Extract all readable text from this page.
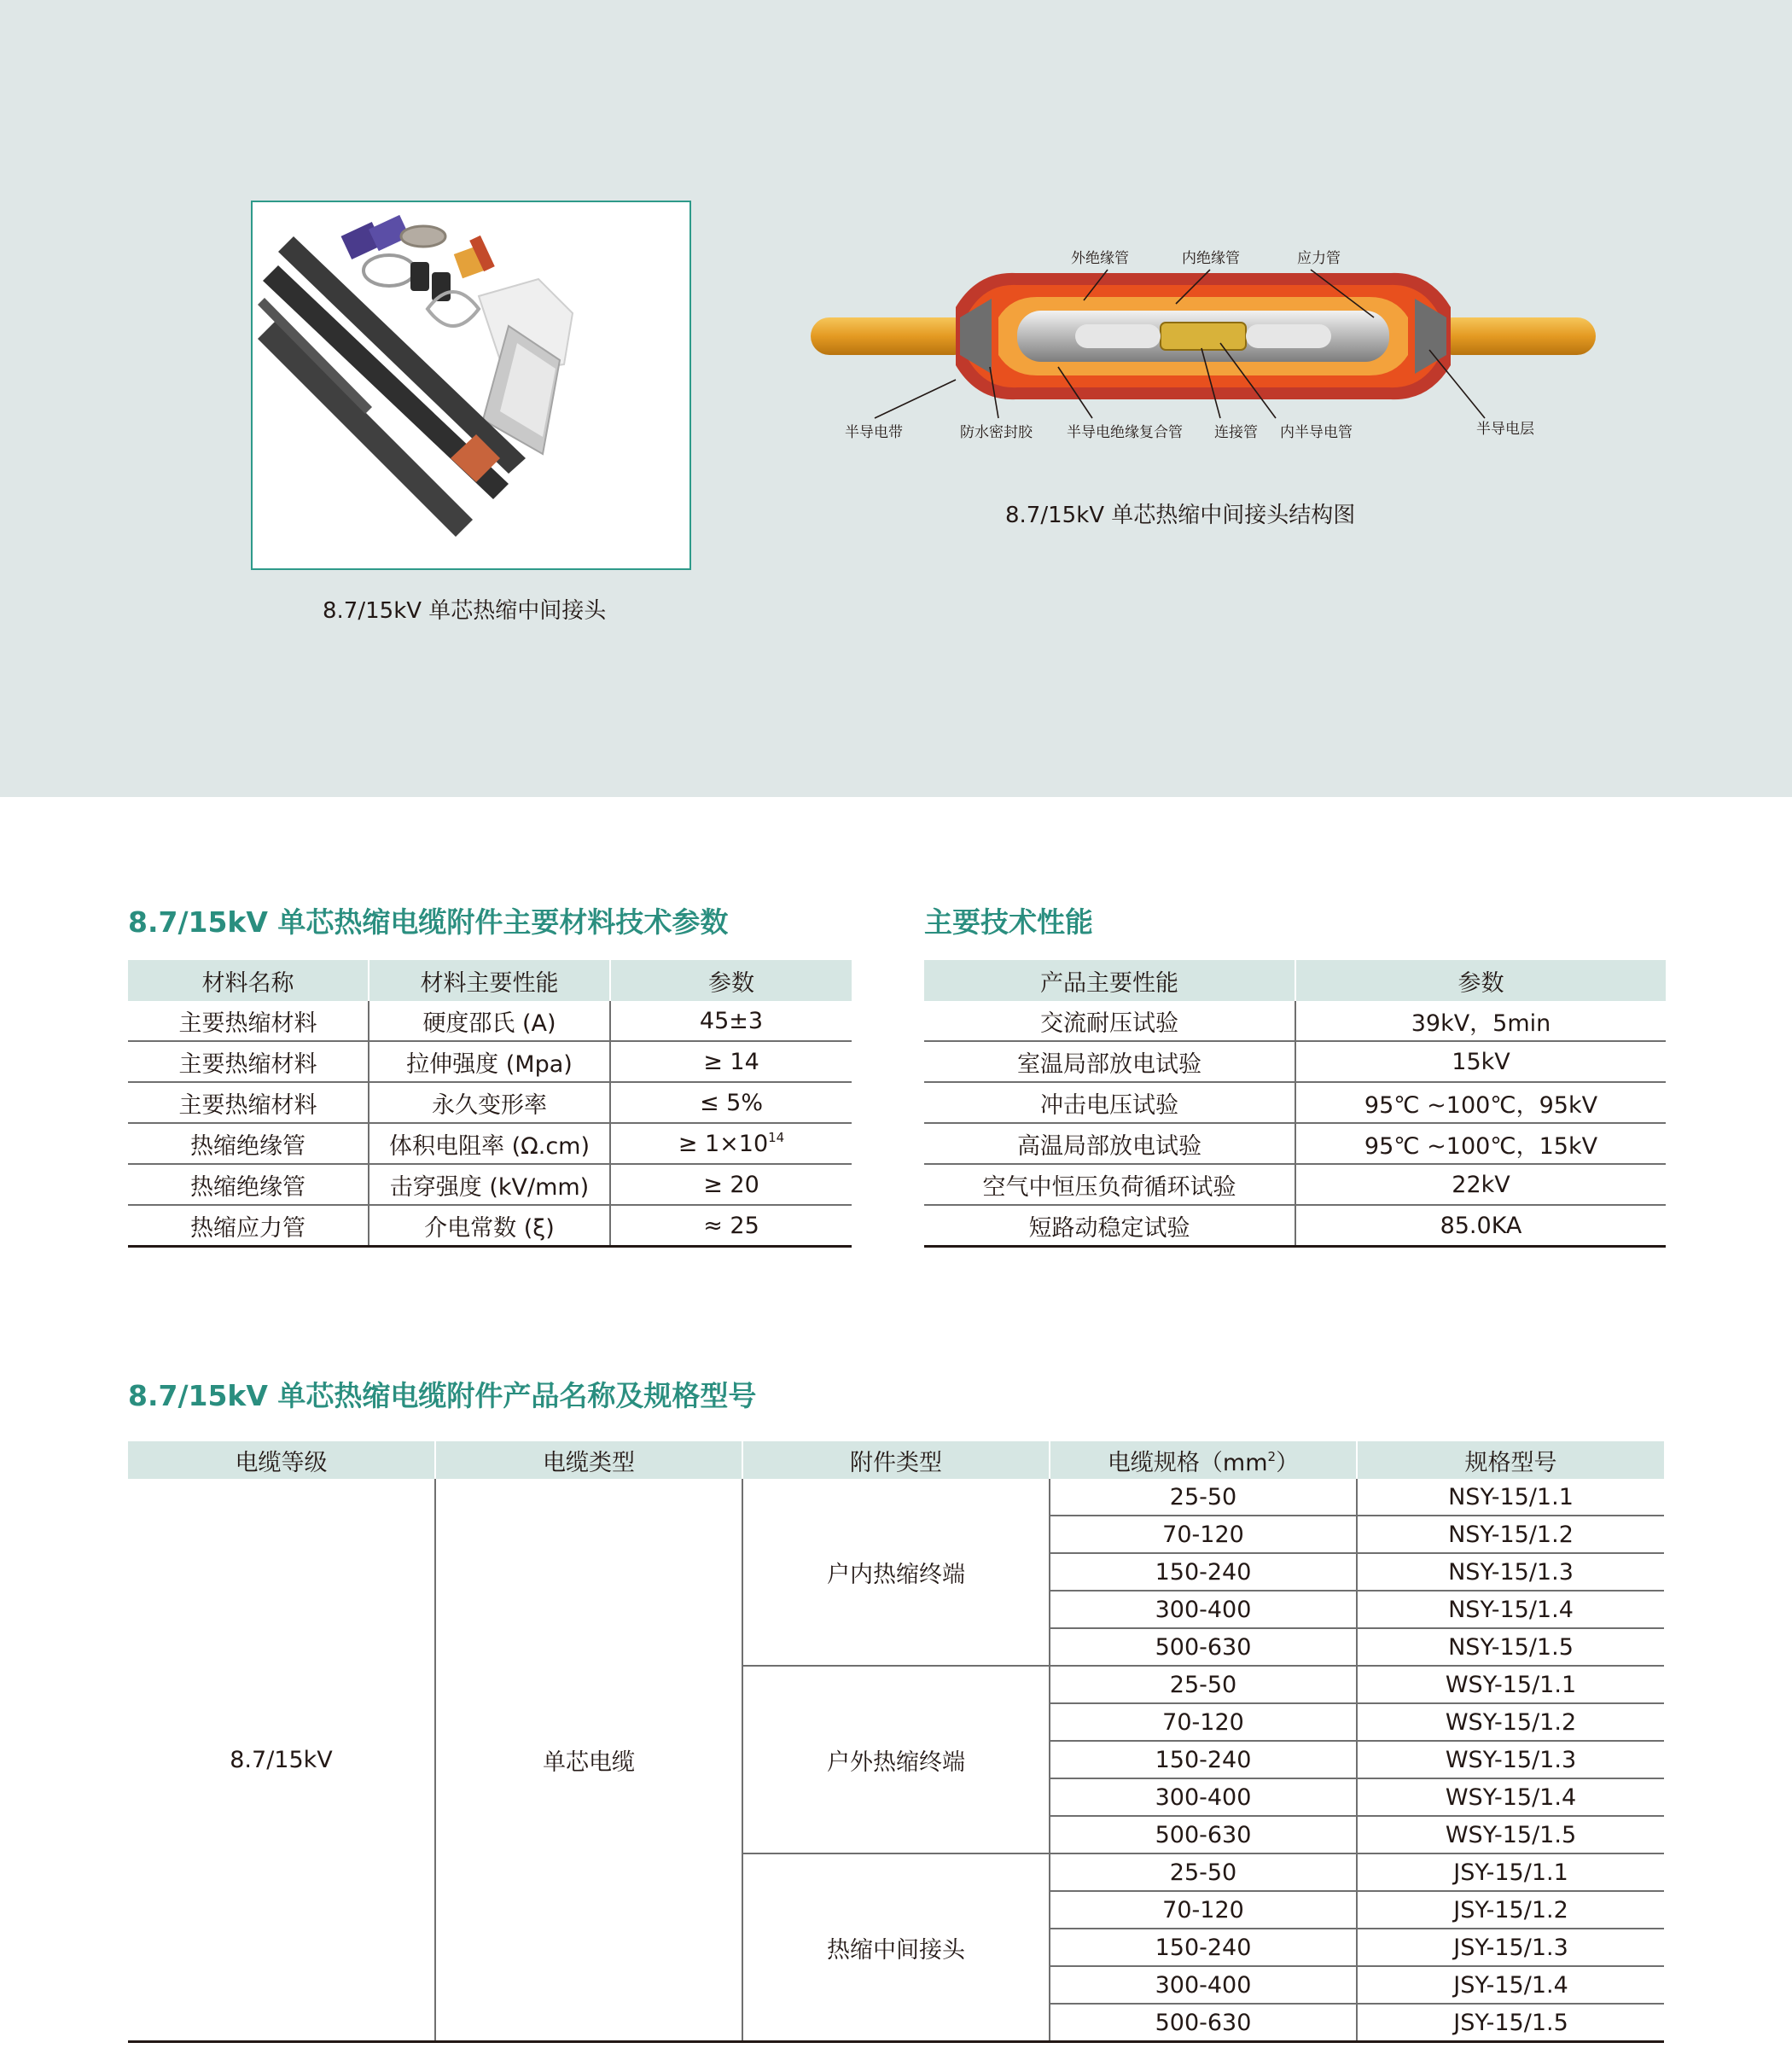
8.7/15kV 单芯热缩中间接头
外绝缘管	内绝缘管	应力管
半导电带	防水密封胶 半导电绝缘复合管 连接管 内半导电管	半导电层
8.7/15kV 单芯热缩中间接头结构图
8.7/15kV 单芯热缩电缆附件主要材料技术参数
材料名称	材料主要性能	参数
主要热缩材料	硬度邵氏 (A)	45±3
主要热缩材料	拉伸强度 (Mpa)	≥ 14
主要热缩材料	永久变形率	≤ 5%
热缩绝缘管	体积电阻率 (Ω.cm)	≥ $1\times 10^{14}$
热缩绝缘管	击穿强度 (kV/mm)	≥ 20
热缩应力管	介电常数 (ξ)	≈ 25
主要技术性能
产品主要性能	参数
交流耐压试验	39kV，5min
室温局部放电试验	15kV
冲击电压试验	95℃ ~100℃，95kV
高温局部放电试验	95℃ ~100℃，15kV
空气中恒压负荷循环试验	22kV
短路动稳定试验	85.0KA
8.7/15kV 单芯热缩电缆附件产品名称及规格型号
电缆等级	电缆类型	附件类型	电缆规格$(mm^2)$	规格型号
8.7/15kV	单芯电缆	户内热缩终端	25-50	NSY-15/1.1
			70-120	NSY-15/1.2
			150-240	NSY-15/1.3
			300-400	NSY-15/1.4
			500-630	NSY-15/1.5
		户外热缩终端	25-50	WSY-15/1.1
			70-120	WSY-15/1.2
			150-240	WSY-15/1.3
			300-400	WSY-15/1.4
			500-630	WSY-15/1.5
		热缩中间接头	25-50	JSY-15/1.1
			70-120	JSY-15/1.2
			150-240	JSY-15/1.3
			300-400	JSY-15/1.4
			500-630	JSY-15/1.5
